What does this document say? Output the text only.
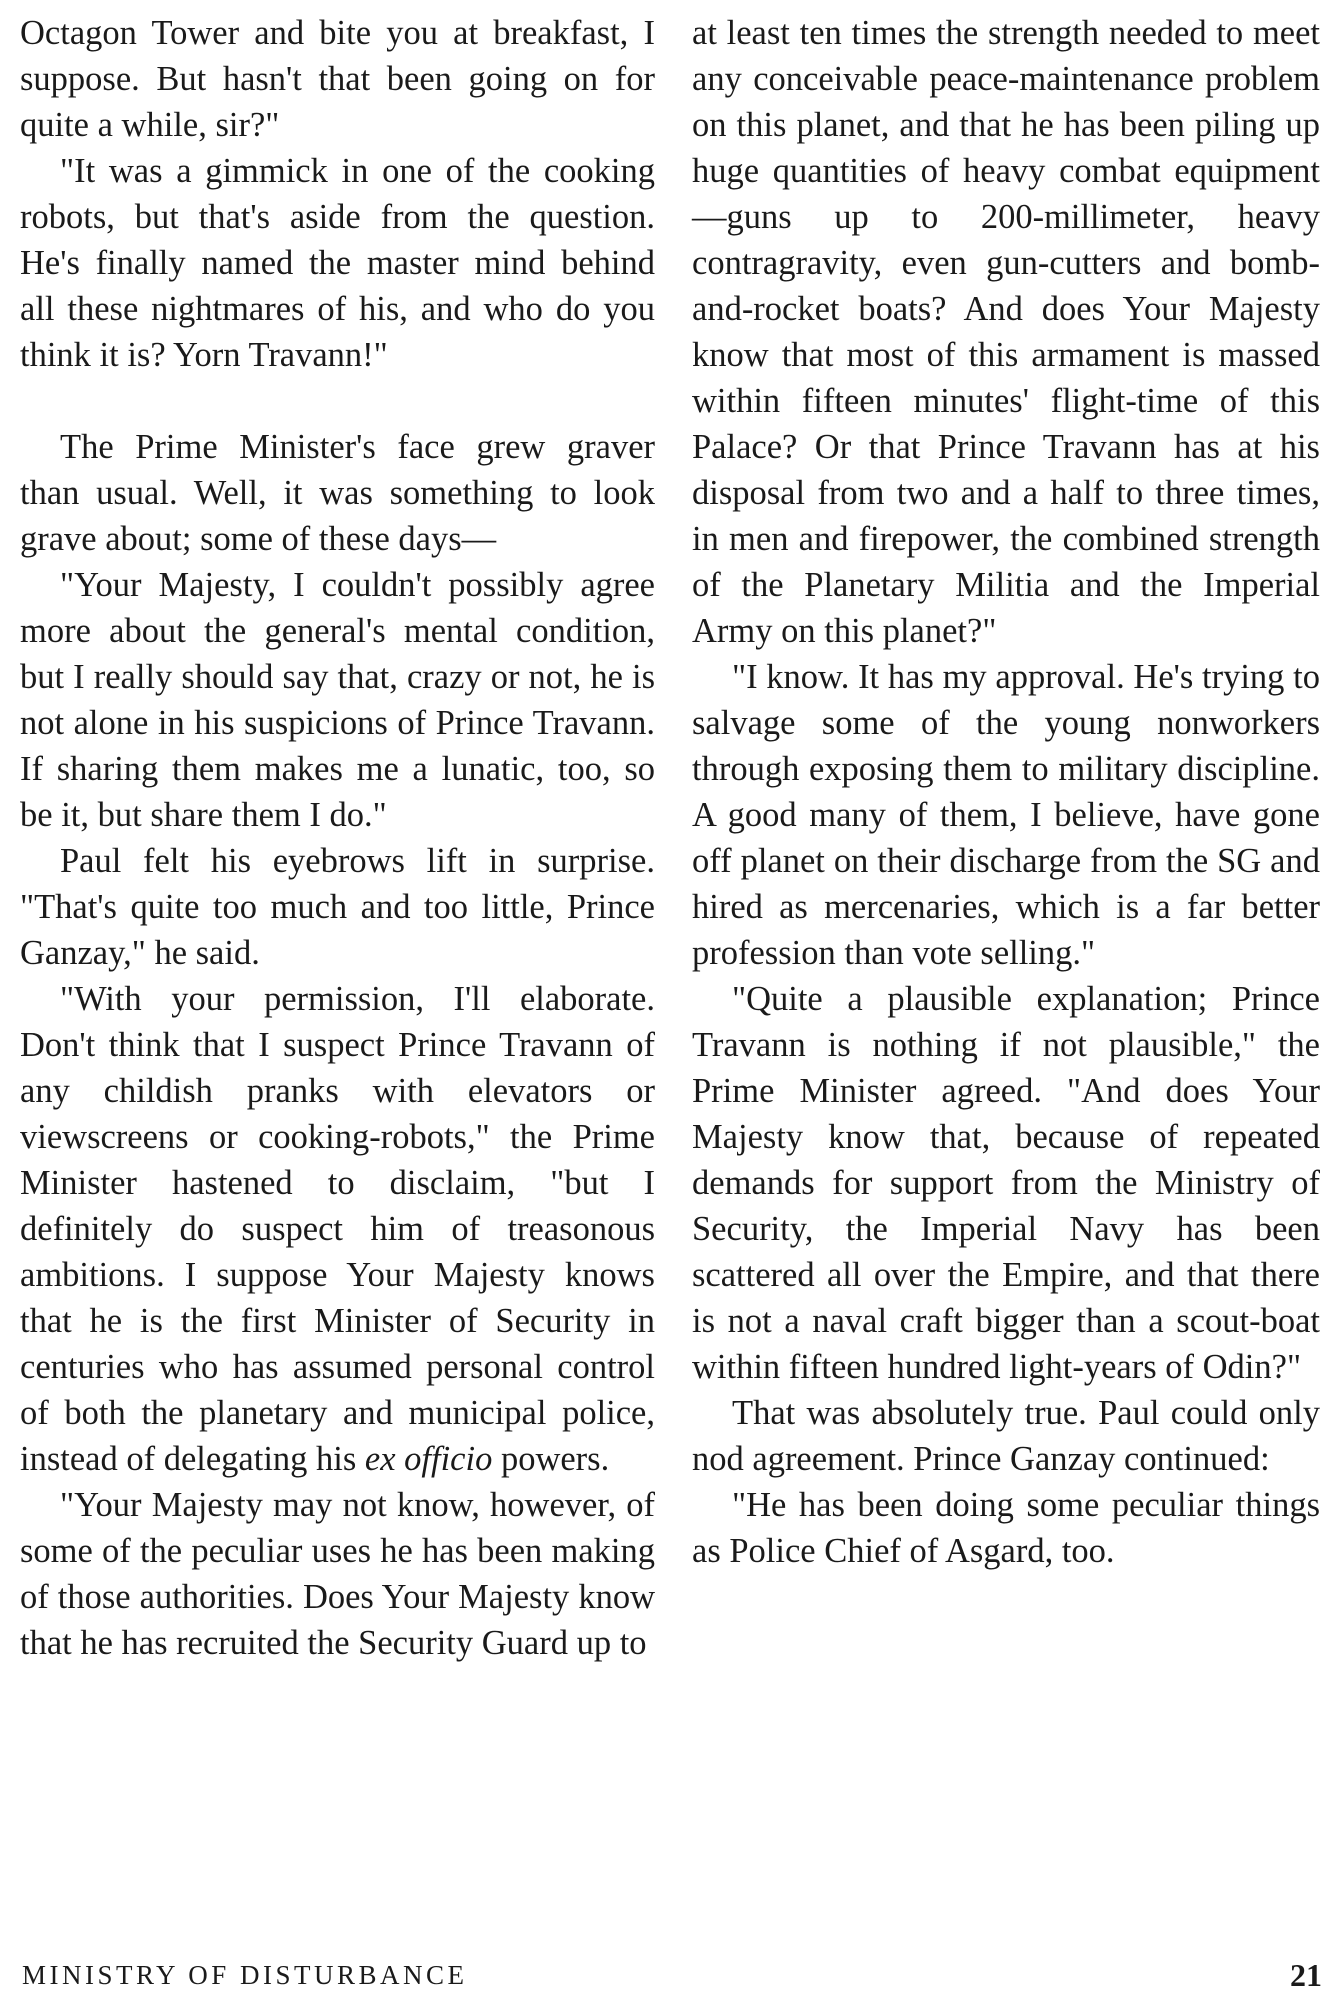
Octagon Tower and bite you at breakfast, I suppose. But hasn't that been going on for quite a while, sir?"

"It was a gimmick in one of the cooking robots, but that's aside from the question. He's finally named the master mind behind all these nightmares of his, and who do you think it is? Yorn Travann!"

The Prime Minister's face grew graver than usual. Well, it was something to look grave about; some of these days—

"Your Majesty, I couldn't possibly agree more about the general's mental condition, but I really should say that, crazy or not, he is not alone in his suspicions of Prince Travann. If sharing them makes me a lunatic, too, so be it, but share them I do."

Paul felt his eyebrows lift in surprise. "That's quite too much and too little, Prince Ganzay," he said.

"With your permission, I'll elaborate. Don't think that I suspect Prince Travann of any childish pranks with elevators or viewscreens or cooking-robots," the Prime Minister hastened to disclaim, "but I definitely do suspect him of treasonous ambitions. I suppose Your Majesty knows that he is the first Minister of Security in centuries who has assumed personal control of both the planetary and municipal police, instead of delegating his ex officio powers.

"Your Majesty may not know, however, of some of the peculiar uses he has been making of those authorities. Does Your Majesty know that he has recruited the Security Guard up to

at least ten times the strength needed to meet any conceivable peace-maintenance problem on this planet, and that he has been piling up huge quantities of heavy combat equipment —guns up to 200-millimeter, heavy contragravity, even gun-cutters and bomb-and-rocket boats? And does Your Majesty know that most of this armament is massed within fifteen minutes' flight-time of this Palace? Or that Prince Travann has at his disposal from two and a half to three times, in men and firepower, the combined strength of the Planetary Militia and the Imperial Army on this planet?"

"I know. It has my approval. He's trying to salvage some of the young nonworkers through exposing them to military discipline. A good many of them, I believe, have gone off planet on their discharge from the SG and hired as mercenaries, which is a far better profession than vote selling."

"Quite a plausible explanation; Prince Travann is nothing if not plausible," the Prime Minister agreed. "And does Your Majesty know that, because of repeated demands for support from the Ministry of Security, the Imperial Navy has been scattered all over the Empire, and that there is not a naval craft bigger than a scout-boat within fifteen hundred light-years of Odin?"

That was absolutely true. Paul could only nod agreement. Prince Ganzay continued:

"He has been doing some peculiar things as Police Chief of Asgard, too.

MINISTRY OF DISTURBANCE	21
